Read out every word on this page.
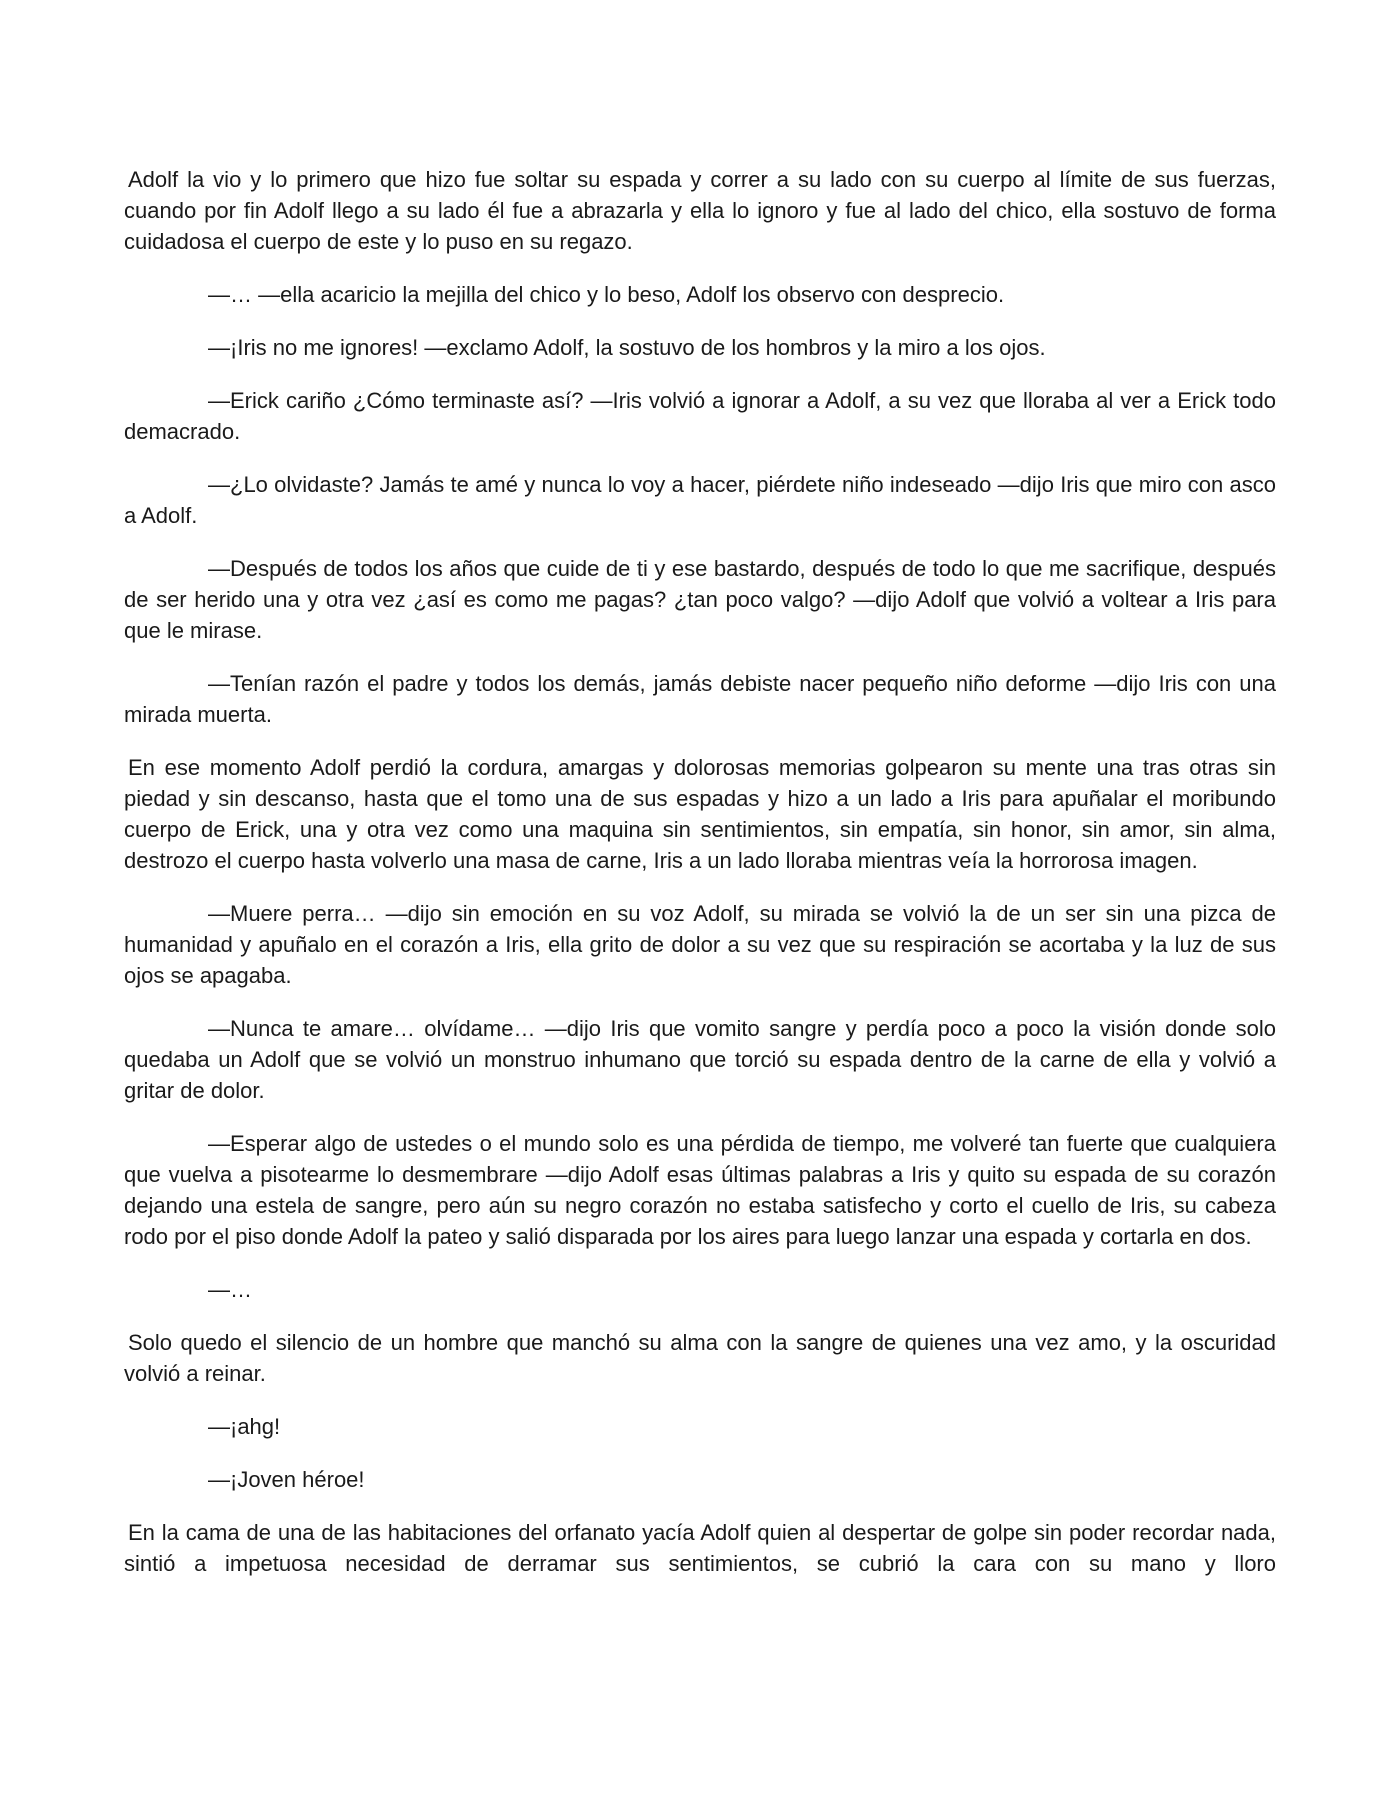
Adolf la vio y lo primero que hizo fue soltar su espada y correr a su lado con su cuerpo al límite de sus fuerzas, cuando por fin Adolf llego a su lado él fue a abrazarla y ella lo ignoro y fue al lado del chico, ella sostuvo de forma cuidadosa el cuerpo de este y lo puso en su regazo.

—… —ella acaricio la mejilla del chico y lo beso, Adolf los observo con desprecio.

—¡Iris no me ignores! —exclamo Adolf, la sostuvo de los hombros y la miro a los ojos.

—Erick cariño ¿Cómo terminaste así? —Iris volvió a ignorar a Adolf, a su vez que lloraba al ver a Erick todo demacrado.

—¿Lo olvidaste? Jamás te amé y nunca lo voy a hacer, piérdete niño indeseado —dijo Iris que miro con asco a Adolf.

—Después de todos los años que cuide de ti y ese bastardo, después de todo lo que me sacrifique, después de ser herido una y otra vez ¿así es como me pagas? ¿tan poco valgo? —dijo Adolf que volvió a voltear a Iris para que le mirase.

—Tenían razón el padre y todos los demás, jamás debiste nacer pequeño niño deforme —dijo Iris con una mirada muerta.

En ese momento Adolf perdió la cordura, amargas y dolorosas memorias golpearon su mente una tras otras sin piedad y sin descanso, hasta que el tomo una de sus espadas y hizo a un lado a Iris para apuñalar el moribundo cuerpo de Erick, una y otra vez como una maquina sin sentimientos, sin empatía, sin honor, sin amor, sin alma, destrozo el cuerpo hasta volverlo una masa de carne, Iris a un lado lloraba mientras veía la horrorosa imagen.

—Muere perra… —dijo sin emoción en su voz Adolf, su mirada se volvió la de un ser sin una pizca de humanidad y apuñalo en el corazón a Iris, ella grito de dolor a su vez que su respiración se acortaba y la luz de sus ojos se apagaba.

—Nunca te amare… olvídame… —dijo Iris que vomito sangre y perdía poco a poco la visión donde solo quedaba un Adolf que se volvió un monstruo inhumano que torció su espada dentro de la carne de ella y volvió a gritar de dolor.

—Esperar algo de ustedes o el mundo solo es una pérdida de tiempo, me volveré tan fuerte que cualquiera que vuelva a pisotearme lo desmembrare —dijo Adolf esas últimas palabras a Iris y quito su espada de su corazón dejando una estela de sangre, pero aún su negro corazón no estaba satisfecho y corto el cuello de Iris, su cabeza rodo por el piso donde Adolf la pateo y salió disparada por los aires para luego lanzar una espada y cortarla en dos.

—…

Solo quedo el silencio de un hombre que manchó su alma con la sangre de quienes una vez amo, y la oscuridad volvió a reinar.

—¡ahg!

—¡Joven héroe!

En la cama de una de las habitaciones del orfanato yacía Adolf quien al despertar de golpe sin poder recordar nada, sintió a impetuosa necesidad de derramar sus sentimientos, se cubrió la cara con su mano y lloro
